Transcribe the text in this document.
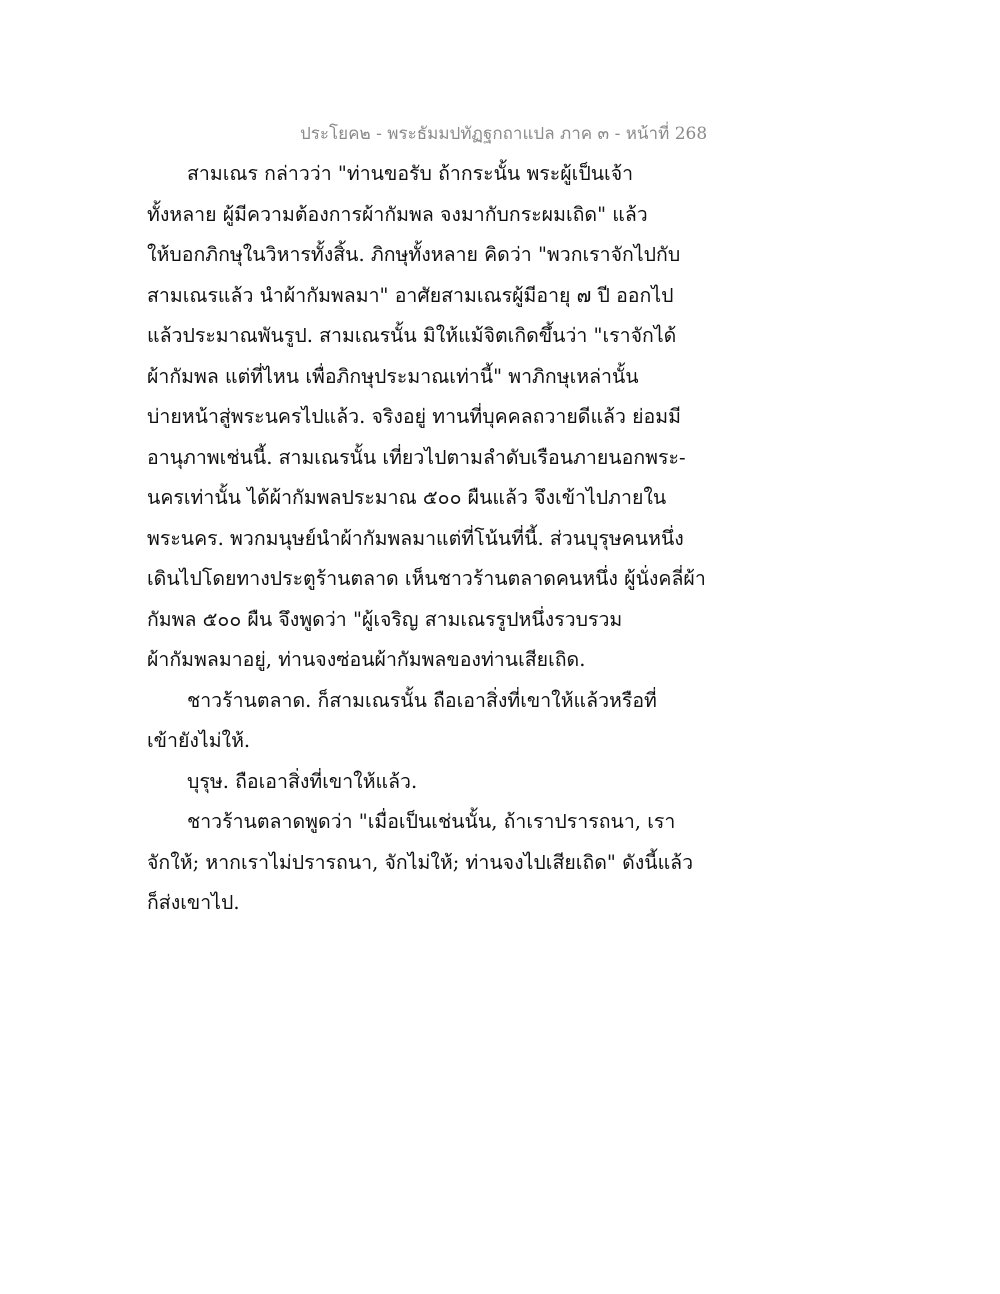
ประโยค๒ - พระธัมมปทัฏฐกถาแปล ภาค ๓ - หน้าที่ 268
สามเณร กล่าวว่า "ท่านขอรับ ถ้ากระนั้น พระผู้เป็นเจ้า
ทั้งหลาย ผู้มีความต้องการผ้ากัมพล จงมากับกระผมเถิด" แล้ว
ให้บอกภิกษุในวิหารทั้งสิ้น. ภิกษุทั้งหลาย คิดว่า "พวกเราจักไปกับ
สามเณรแล้ว นำผ้ากัมพลมา" อาศัยสามเณรผู้มีอายุ ๗ ปี ออกไป
แล้วประมาณพันรูป. สามเณรนั้น มิให้แม้จิตเกิดขึ้นว่า "เราจักได้
ผ้ากัมพล แต่ที่ไหน เพื่อภิกษุประมาณเท่านี้" พาภิกษุเหล่านั้น
บ่ายหน้าสู่พระนครไปแล้ว. จริงอยู่ ทานที่บุคคลถวายดีแล้ว ย่อมมี
อานุภาพเช่นนี้. สามเณรนั้น เที่ยวไปตามลำดับเรือนภายนอกพระ-
นครเท่านั้น ได้ผ้ากัมพลประมาณ ๕๐๐ ผืนแล้ว จึงเข้าไปภายใน
พระนคร. พวกมนุษย์นำผ้ากัมพลมาแต่ที่โน้นที่นี้. ส่วนบุรุษคนหนึ่ง
เดินไปโดยทางประตูร้านตลาด เห็นชาวร้านตลาดคนหนึ่ง ผู้นั่งคลี่ผ้า
กัมพล ๕๐๐ ผืน จึงพูดว่า "ผู้เจริญ สามเณรรูปหนึ่งรวบรวม
ผ้ากัมพลมาอยู่, ท่านจงซ่อนผ้ากัมพลของท่านเสียเถิด.
ชาวร้านตลาด. ก็สามเณรนั้น ถือเอาสิ่งที่เขาให้แล้วหรือที่
เข้ายังไม่ให้.
บุรุษ. ถือเอาสิ่งที่เขาให้แล้ว.
ชาวร้านตลาดพูดว่า "เมื่อเป็นเช่นนั้น, ถ้าเราปรารถนา, เรา
จักให้; หากเราไม่ปรารถนา, จักไม่ให้; ท่านจงไปเสียเถิด" ดังนี้แล้ว
ก็ส่งเขาไป.
